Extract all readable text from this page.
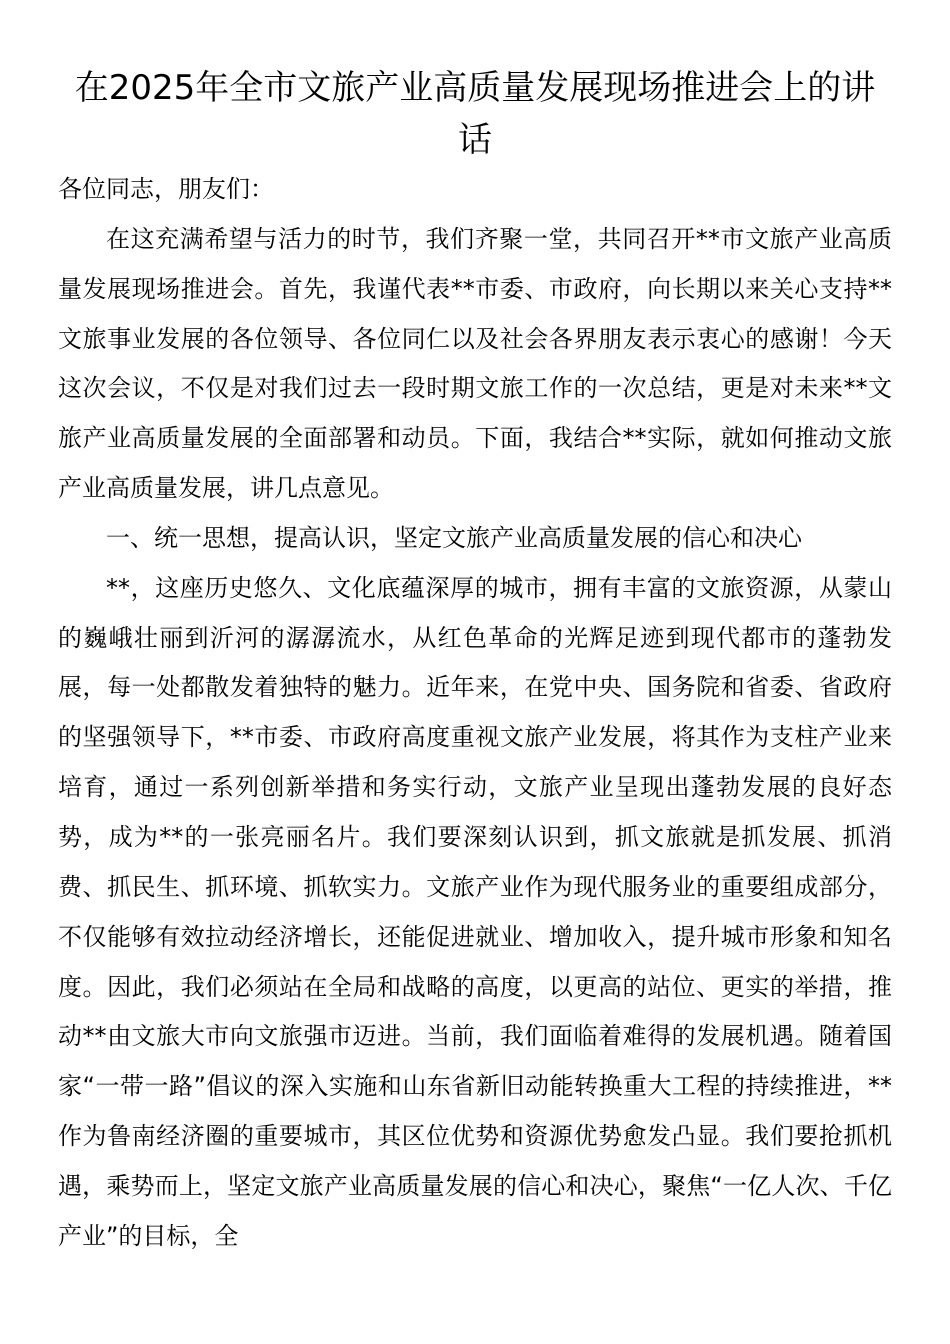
在2025年全市文旅产业高质量发展现场推进会上的讲话

各位同志，朋友们：

在这充满希望与活力的时节，我们齐聚一堂，共同召开**市文旅产业高质量发展现场推进会。首先，我谨代表**市委、市政府，向长期以来关心支持**文旅事业发展的各位领导、各位同仁以及社会各界朋友表示衷心的感谢！今天这次会议，不仅是对我们过去一段时期文旅工作的一次总结，更是对未来**文旅产业高质量发展的全面部署和动员。下面，我结合**实际，就如何推动文旅产业高质量发展，讲几点意见。

一、统一思想，提高认识，坚定文旅产业高质量发展的信心和决心

**，这座历史悠久、文化底蕴深厚的城市，拥有丰富的文旅资源，从蒙山的巍峨壮丽到沂河的潺潺流水，从红色革命的光辉足迹到现代都市的蓬勃发展，每一处都散发着独特的魅力。近年来，在党中央、国务院和省委、省政府的坚强领导下，**市委、市政府高度重视文旅产业发展，将其作为支柱产业来培育，通过一系列创新举措和务实行动，文旅产业呈现出蓬勃发展的良好态势，成为**的一张亮丽名片。我们要深刻认识到，抓文旅就是抓发展、抓消费、抓民生、抓环境、抓软实力。文旅产业作为现代服务业的重要组成部分，不仅能够有效拉动经济增长，还能促进就业、增加收入，提升城市形象和知名度。因此，我们必须站在全局和战略的高度，以更高的站位、更实的举措，推动**由文旅大市向文旅强市迈进。当前，我们面临着难得的发展机遇。随着国家“一带一路”倡议的深入实施和山东省新旧动能转换重大工程的持续推进，**作为鲁南经济圈的重要城市，其区位优势和资源优势愈发凸显。我们要抢抓机遇，乘势而上，坚定文旅产业高质量发展的信心和决心，聚焦“一亿人次、千亿产业”的目标，全
